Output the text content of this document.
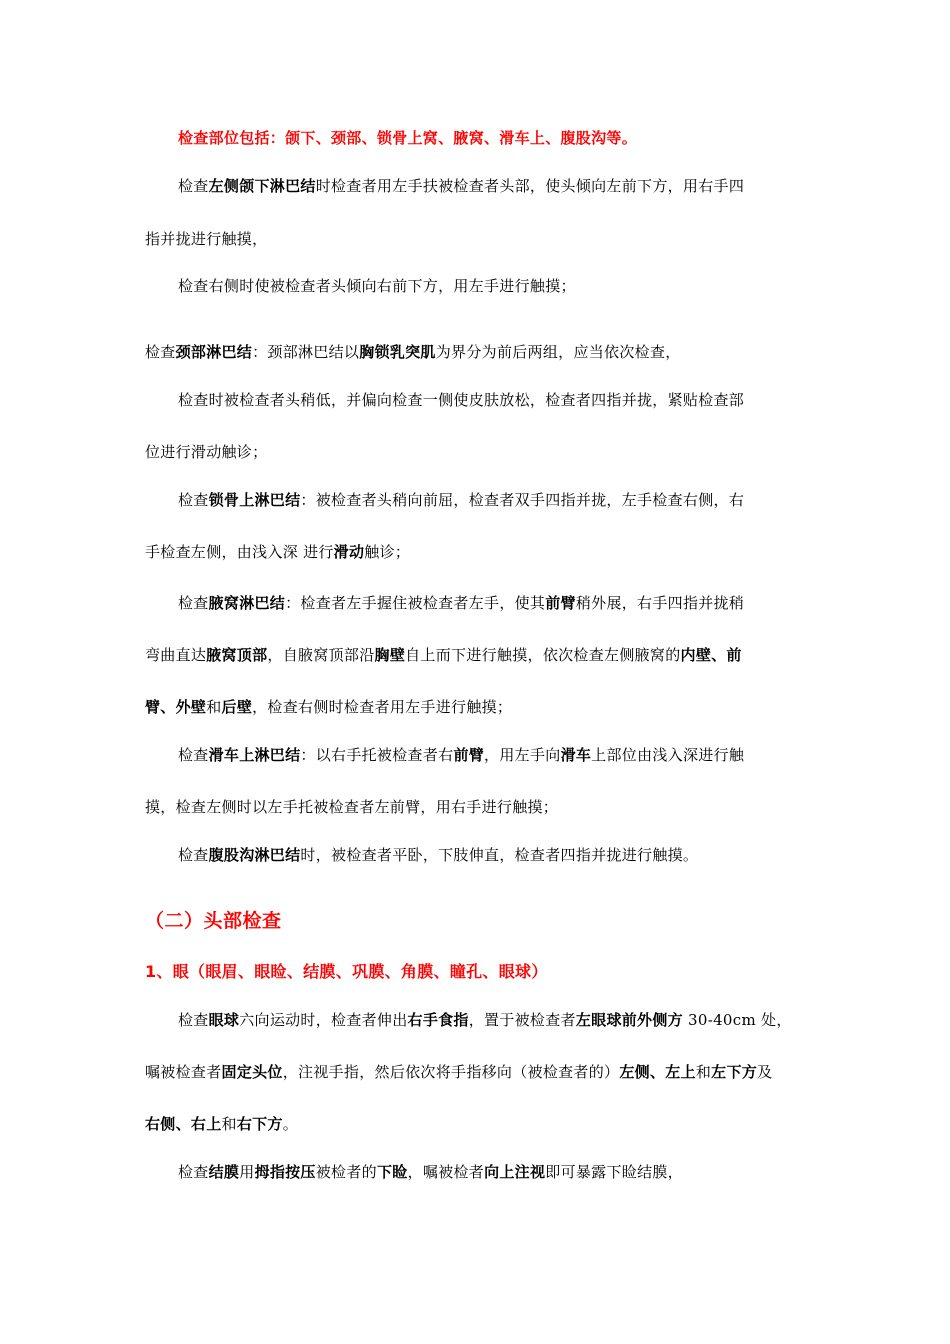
检查部位包括：颌下、颈部、锁骨上窝、腋窝、滑车上、腹股沟等。
检查左侧颌下淋巴结时检查者用左手扶被检查者头部，使头倾向左前下方，用右手四
指并拢进行触摸，
检查右侧时使被检查者头倾向右前下方，用左手进行触摸；
检查颈部淋巴结：颈部淋巴结以胸锁乳突肌为界分为前后两组，应当依次检查，
检查时被检查者头稍低，并偏向检查一侧使皮肤放松，检查者四指并拢，紧贴检查部
位进行滑动触诊；
检查锁骨上淋巴结：被检查者头稍向前屈，检查者双手四指并拢，左手检查右侧，右
手检查左侧，由浅入深 进行滑动触诊；
检查腋窝淋巴结：检查者左手握住被检查者左手，使其前臂稍外展，右手四指并拢稍
弯曲直达腋窝顶部，自腋窝顶部沿胸壁自上而下进行触摸，依次检查左侧腋窝的内壁、前
臂、外壁和后壁，检查右侧时检查者用左手进行触摸；
检查滑车上淋巴结：以右手托被检查者右前臂，用左手向滑车上部位由浅入深进行触
摸，检查左侧时以左手托被检查者左前臂，用右手进行触摸；
检查腹股沟淋巴结时，被检查者平卧，下肢伸直，检查者四指并拢进行触摸。
（二）头部检查
1、眼（眼眉、眼睑、结膜、巩膜、角膜、瞳孔、眼球）
检查眼球六向运动时，检查者伸出右手食指，置于被检查者左眼球前外侧方 30-40cm 处，
嘱被检查者固定头位，注视手指，然后依次将手指移向（被检查者的）左侧、左上和左下方及
右侧、右上和右下方。
检查结膜用拇指按压被检者的下睑，嘱被检者向上注视即可暴露下睑结膜，
